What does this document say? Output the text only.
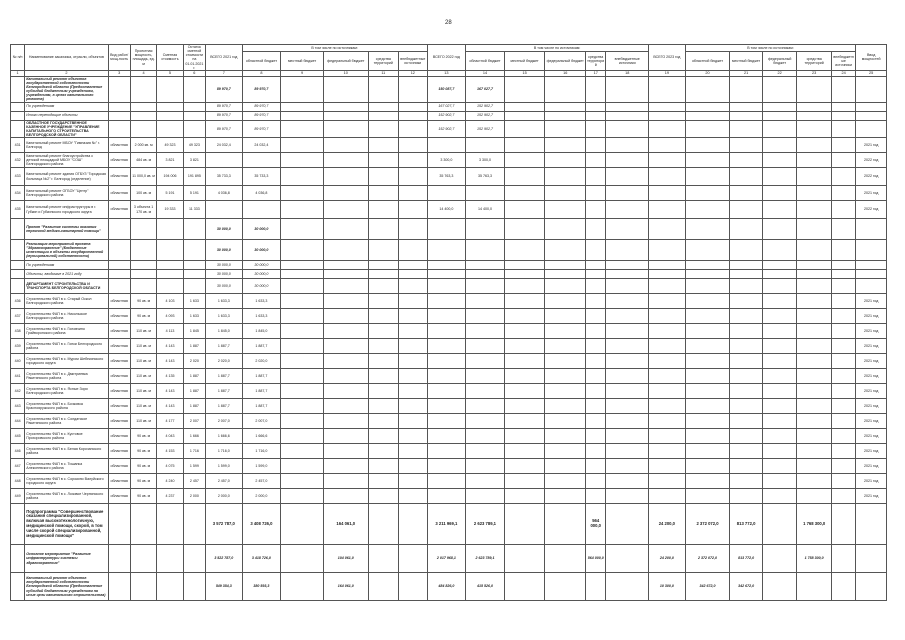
28
№ п/п	Наименование заказчика, отрасли, объектов	Вид работ/ мощ-ность	Проектная мощность, площадь, ед. м	Сметная стоимость	Остаток сметной стоимости на 01.01.2021 г.	ВСЕГО 2021 год	В том числе по источникам:					ВСЕГО 2022 год	В том числе по источникам:					ВСЕГО 2023 год	В том числе по источникам:					Ввод мощностей
							областной бюджет	местный бюджет	федеральный бюджет	средства территорий	внебюджетные источники		областной бюджет	местный бюджет	федеральный бюджет	средства территорий	внебюджетные источники		областной бюджет	местный бюджет	федеральный бюджет	средства территорий	внебюджетные источники	
1	2	3	4	5	6	7	8	9	10	11	12	13	14	15	16	17	18	19	20	21	22	23	24	25
	Капитальный ремонт объектов государственной собственности Белгородской области (Предоставление субсидий бюджетным учреждениям, учреждениям, в целях капитального ремонта)					89 970,7	89 970,7					150 087,7	167 027,7											
	По учреждениям					89 970,7	89 970,7					167 027,7	152 902,7											
	Итого переходящие объекты					89 970,7	89 970,7					152 902,7	152 902,7											
	ОБЛАСТНОЕ ГОСУДАРСТВЕННОЕ КАЗЕННОЕ УЧРЕЖДЕНИЕ "УПРАВЛЕНИЕ КАПИТАЛЬНОГО СТРОИТЕЛЬСТВА БЕЛГОРОДСКОЙ ОБЛАСТИ"					89 970,7	89 970,7					152 902,7	152 902,7											
431	Капитальный ремонт МБОУ "Гимназия №" г. Белгород	областная	2 000 кв. м	49 323	49 323	24 032,4	24 032,4																	2021 год
432	Капитальный ремонт благоустройства с детской площадкой МБОУ "СОШ" Белгородского района	областная	484 кв. м	3 821	3 821							3 300,0	3 300,0											2022 год
433	Капитальный ремонт здания ОГБУЗ "Городская больница №2" г. Белгород (отделение)	областная	11 000,0 кв. м	194 006	191 895	35 733,3	35 733,3					35 763,3	35 763,3											2022 год
434	Капитальный ремонт ОГБОУ "Центр" Белгородского района	областная	100 кв. м	5 191	5 191	4 036,8	4 036,8																	2021 год
435	Капитальный ремонт инфраструктуры в г. Губкин и Губкинского городского округа	областная	3 объекта 1 170 кв. м	19 333	11 333							14 400,0	14 400,0											2022 год
	Проект "Развитие системы оказания первичной медико-санитарной помощи"					30 000,0	30 000,0																	
	Реализация мероприятий проекта "Здравоохранение" (Бюджетные инвестиции в объекты государственной (муниципальной) собственности)					30 000,0	30 000,0																	
	По учреждениям					30 000,0	30 000,0																	
	Объекты, вводимые в 2021 году					30 000,0	30 000,0																	
	ДЕПАРТАМЕНТ СТРОИТЕЛЬСТВА И ТРАНСПОРТА БЕЛГОРОДСКОЙ ОБЛАСТИ					30 000,0	30 000,0																	
436	Строительство ФАП в с. Старый Оскол Белгородского района	областная	90 кв. м	4 103	1 633	1 633,3	1 633,3																	2021 год
437	Строительство ФАП в с. Никольское Белгородского района	областная	90 кв. м	4 093	1 633	1 633,3	1 633,3																	2021 год
438	Строительство ФАП в с. Головчино Грайворонского района	областная	110 кв. м	4 113	1 845	1 845,0	1 845,0																	2021 год
439	Строительство ФАП в с. Гонки Белгородского района	областная	110 кв. м	4 143	1 887	1 887,7	1 887,7																	2021 год
440	Строительство ФАП в с. Муром Шебекинского городского округа	областная	110 кв. м	4 143	2 020	2 020,0	2 020,0																	2021 год
441	Строительство ФАП в с. Дмитриевка Ракитянского района	областная	110 кв. м	4 135	1 887	1 887,7	1 887,7																	2021 год
442	Строительство ФАП в с. Ясные Зори Белгородского района	областная	110 кв. м	4 143	1 887	1 887,7	1 887,7																	2021 год
443	Строительство ФАП в с. Бочковка Краснояружского района	областная	110 кв. м	4 143	1 887	1 887,7	1 887,7																	2021 год
444	Строительство ФАП в с. Солдатское Ракитянского района	областная	110 кв. м	4 177	2 007	2 007,0	2 007,0																	2021 год
445	Строительство ФАП в с. Кустовое Прохоровского района	областная	90 кв. м	4 043	1 666	1 666,6	1 666,6																	2021 год
446	Строительство ФАП в с. Белая Корочанского района	областная	90 кв. м	4 153	1 716	1 716,0	1 716,0																	2021 год
447	Строительство ФАП в с. Тишанка Алексеевского района	областная	90 кв. м	4 075	1 599	1 599,0	1 599,0																	2021 год
448	Строительство ФАП в с. Сорокино Валуйского городского округа	областная	90 кв. м	4 240	2 457	2 457,0	2 457,0																	2021 год
449	Строительство ФАП в с. Лозовое Чернянского района	областная	90 кв. м	4 237	2 000	2 000,0	2 000,0																	2021 год
	Подпрограмма "Совершенствование оказания специализированной, включая высокотехнологичную, медицинской помощи, скорой, в том числе скорой специализированной, медицинской помощи"					3 572 787,0	3 408 726,0		164 061,0			3 211 969,1	2 623 789,1			564 000,0		24 200,0	2 372 072,0	813 772,0		1 768 300,0		
	Основное мероприятие "Развитие инфраструктуры системы здравоохранения"					3 522 787,0	3 418 726,0		104 061,0			2 017 968,1	2 623 789,1			564 000,0		24 200,0	2 372 072,0	813 772,0		1 758 300,0		
	Капитальный ремонт объектов государственной собственности Белгородской области (Предоставление субсидий бюджетным учреждениям на иные цели капитального строительства)					549 354,3	380 593,3		164 061,0			484 826,0	415 526,0					10 300,0	342 672,0	342 672,0				
